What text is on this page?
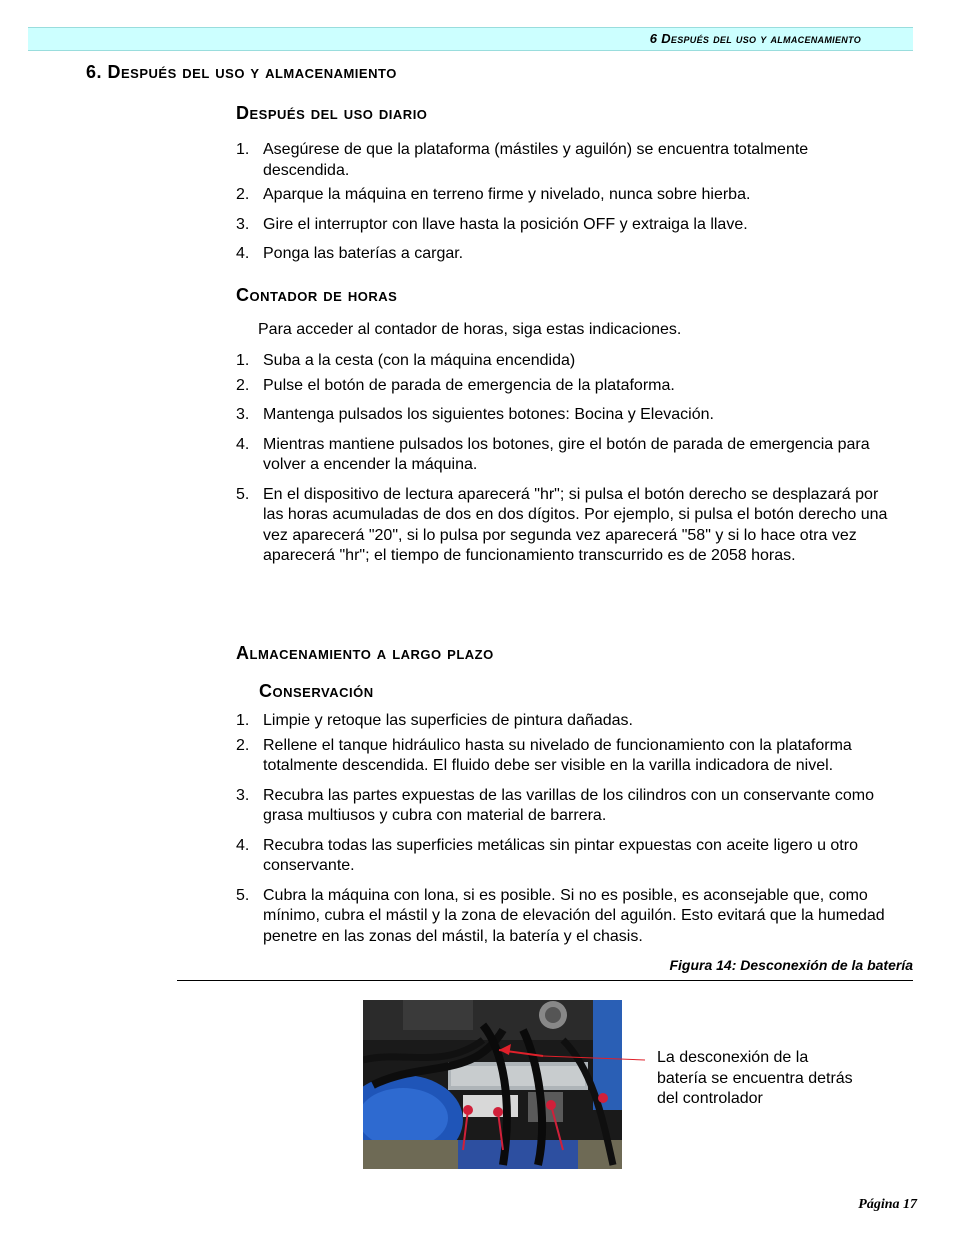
6 Después del uso y almacenamiento
6. Después del uso y almacenamiento
Después del uso diario
1. Asegúrese de que la plataforma (mástiles y aguilón) se encuentra totalmente descendida.
2. Aparque la máquina en terreno firme y nivelado, nunca sobre hierba.
3. Gire el interruptor con llave hasta la posición OFF y extraiga la llave.
4. Ponga las baterías a cargar.
Contador de horas

Para acceder al contador de horas, siga estas indicaciones.

1. Suba a la cesta (con la máquina encendida)
2. Pulse el botón de parada de emergencia de la plataforma.
3. Mantenga pulsados los siguientes botones: Bocina y Elevación.
4. Mientras mantiene pulsados los botones, gire el botón de parada de emergencia para volver a encender la máquina.
5. En el dispositivo de lectura aparecerá "hr"; si pulsa el botón derecho se desplazará por las horas acumuladas de dos en dos dígitos. Por ejemplo, si pulsa el botón derecho una vez aparecerá "20", si lo pulsa por segunda vez aparecerá "58" y si lo hace otra vez aparecerá "hr"; el tiempo de funcionamiento transcurrido es de 2058 horas.
Almacenamiento a largo plazo
Conservación
1. Limpie y retoque las superficies de pintura dañadas.
2. Rellene el tanque hidráulico hasta su nivelado de funcionamiento con la plataforma totalmente descendida. El fluido debe ser visible en la varilla indicadora de nivel.
3. Recubra las partes expuestas de las varillas de los cilindros con un conservante como grasa multiusos y cubra con material de barrera.
4. Recubra todas las superficies metálicas sin pintar expuestas con aceite ligero u otro conservante.
5. Cubra la máquina con lona, si es posible. Si no es posible, es aconsejable que, como mínimo, cubra el mástil y la zona de elevación del aguilón. Esto evitará que la humedad penetre en las zonas del mástil, la batería y el chasis.

Figura 14: Desconexión de la batería

La desconexión de la batería se encuentra detrás del controlador

Página 17
